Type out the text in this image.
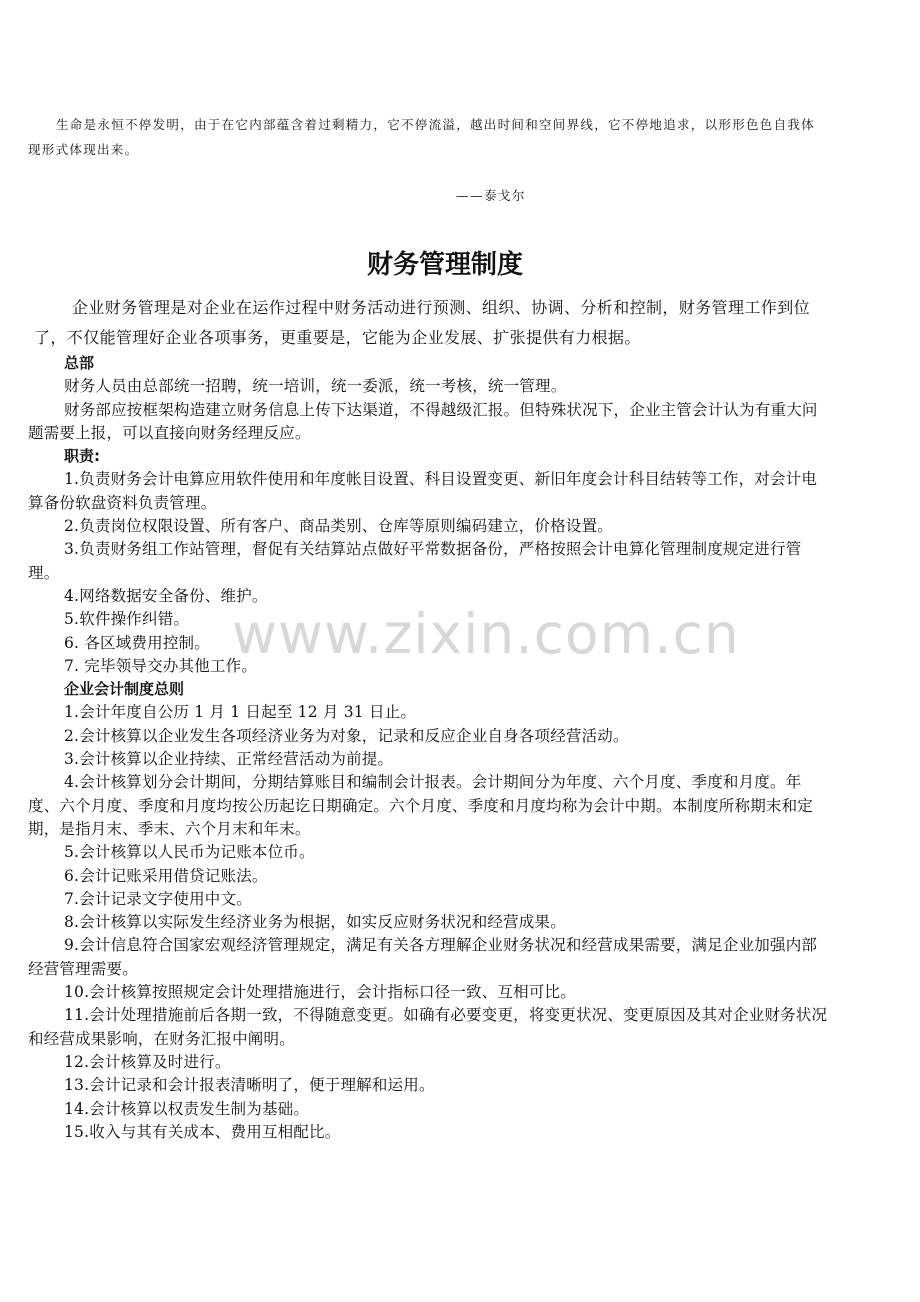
生命是永恒不停发明，由于在它内部蕴含着过剩精力，它不停流溢，越出时间和空间界线，它不停地追求，以形形色色自我体现形式体现出来。
——泰戈尔
财务管理制度
企业财务管理是对企业在运作过程中财务活动进行预测、组织、协调、分析和控制，财务管理工作到位了，不仅能管理好企业各项事务，更重要是，它能为企业发展、扩张提供有力根据。

总部

财务人员由总部统一招聘，统一培训，统一委派，统一考核，统一管理。

财务部应按框架构造建立财务信息上传下达渠道，不得越级汇报。但特殊状况下，企业主管会计认为有重大问题需要上报，可以直接向财务经理反应。

职责:

1.负责财务会计电算应用软件使用和年度帐目设置、科目设置变更、新旧年度会计科目结转等工作，对会计电算备份软盘资料负责管理。

2.负责岗位权限设置、所有客户、商品类别、仓库等原则编码建立，价格设置。

3.负责财务组工作站管理，督促有关结算站点做好平常数据备份，严格按照会计电算化管理制度规定进行管理。

4.网络数据安全备份、维护。

5.软件操作纠错。

6. 各区域费用控制。

7. 完毕领导交办其他工作。

企业会计制度总则

1.会计年度自公历 1 月 1 日起至 12 月 31 日止。

2.会计核算以企业发生各项经济业务为对象，记录和反应企业自身各项经营活动。

3.会计核算以企业持续、正常经营活动为前提。

4.会计核算划分会计期间，分期结算账目和编制会计报表。会计期间分为年度、六个月度、季度和月度。年度、六个月度、季度和月度均按公历起讫日期确定。六个月度、季度和月度均称为会计中期。本制度所称期末和定期，是指月末、季末、六个月末和年末。

5.会计核算以人民币为记账本位币。

6.会计记账采用借贷记账法。

7.会计记录文字使用中文。

8.会计核算以实际发生经济业务为根据，如实反应财务状况和经营成果。

9.会计信息符合国家宏观经济管理规定，满足有关各方理解企业财务状况和经营成果需要，满足企业加强内部经营管理需要。

10.会计核算按照规定会计处理措施进行，会计指标口径一致、互相可比。

11.会计处理措施前后各期一致，不得随意变更。如确有必要变更，将变更状况、变更原因及其对企业财务状况和经营成果影响，在财务汇报中阐明。

12.会计核算及时进行。

13.会计记录和会计报表清晰明了，便于理解和运用。

14.会计核算以权责发生制为基础。

15.收入与其有关成本、费用互相配比。

www.zixin.com.cn
